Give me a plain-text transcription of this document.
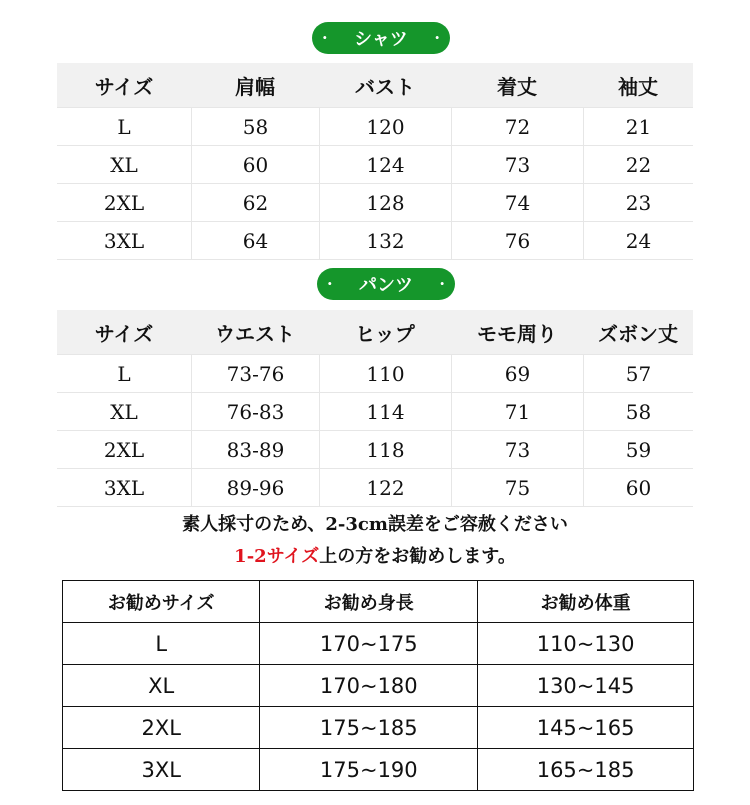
·	シャツ	·
サイズ	肩幅	バスト	着丈	袖丈
L	58	120	72	21
XL	60	124	73	22
2XL	62	128	74	23
3XL	64	132	76	24
·	パンツ	·
サイズ	ウエスト	ヒップ	モモ周り	ズボン丈
L	73-76	110	69	57
XL	76-83	114	71	58
2XL	83-89	118	73	59
3XL	89-96	122	75	60
素人採寸のため、2-3cm誤差をご容赦ください
1-2サイズ上の方をお勧めします。
お勧めサイズ	お勧め身長	お勧め体重
L	170~175	110~130
XL	170~180	130~145
2XL	175~185	145~165
3XL	175~190	165~185
